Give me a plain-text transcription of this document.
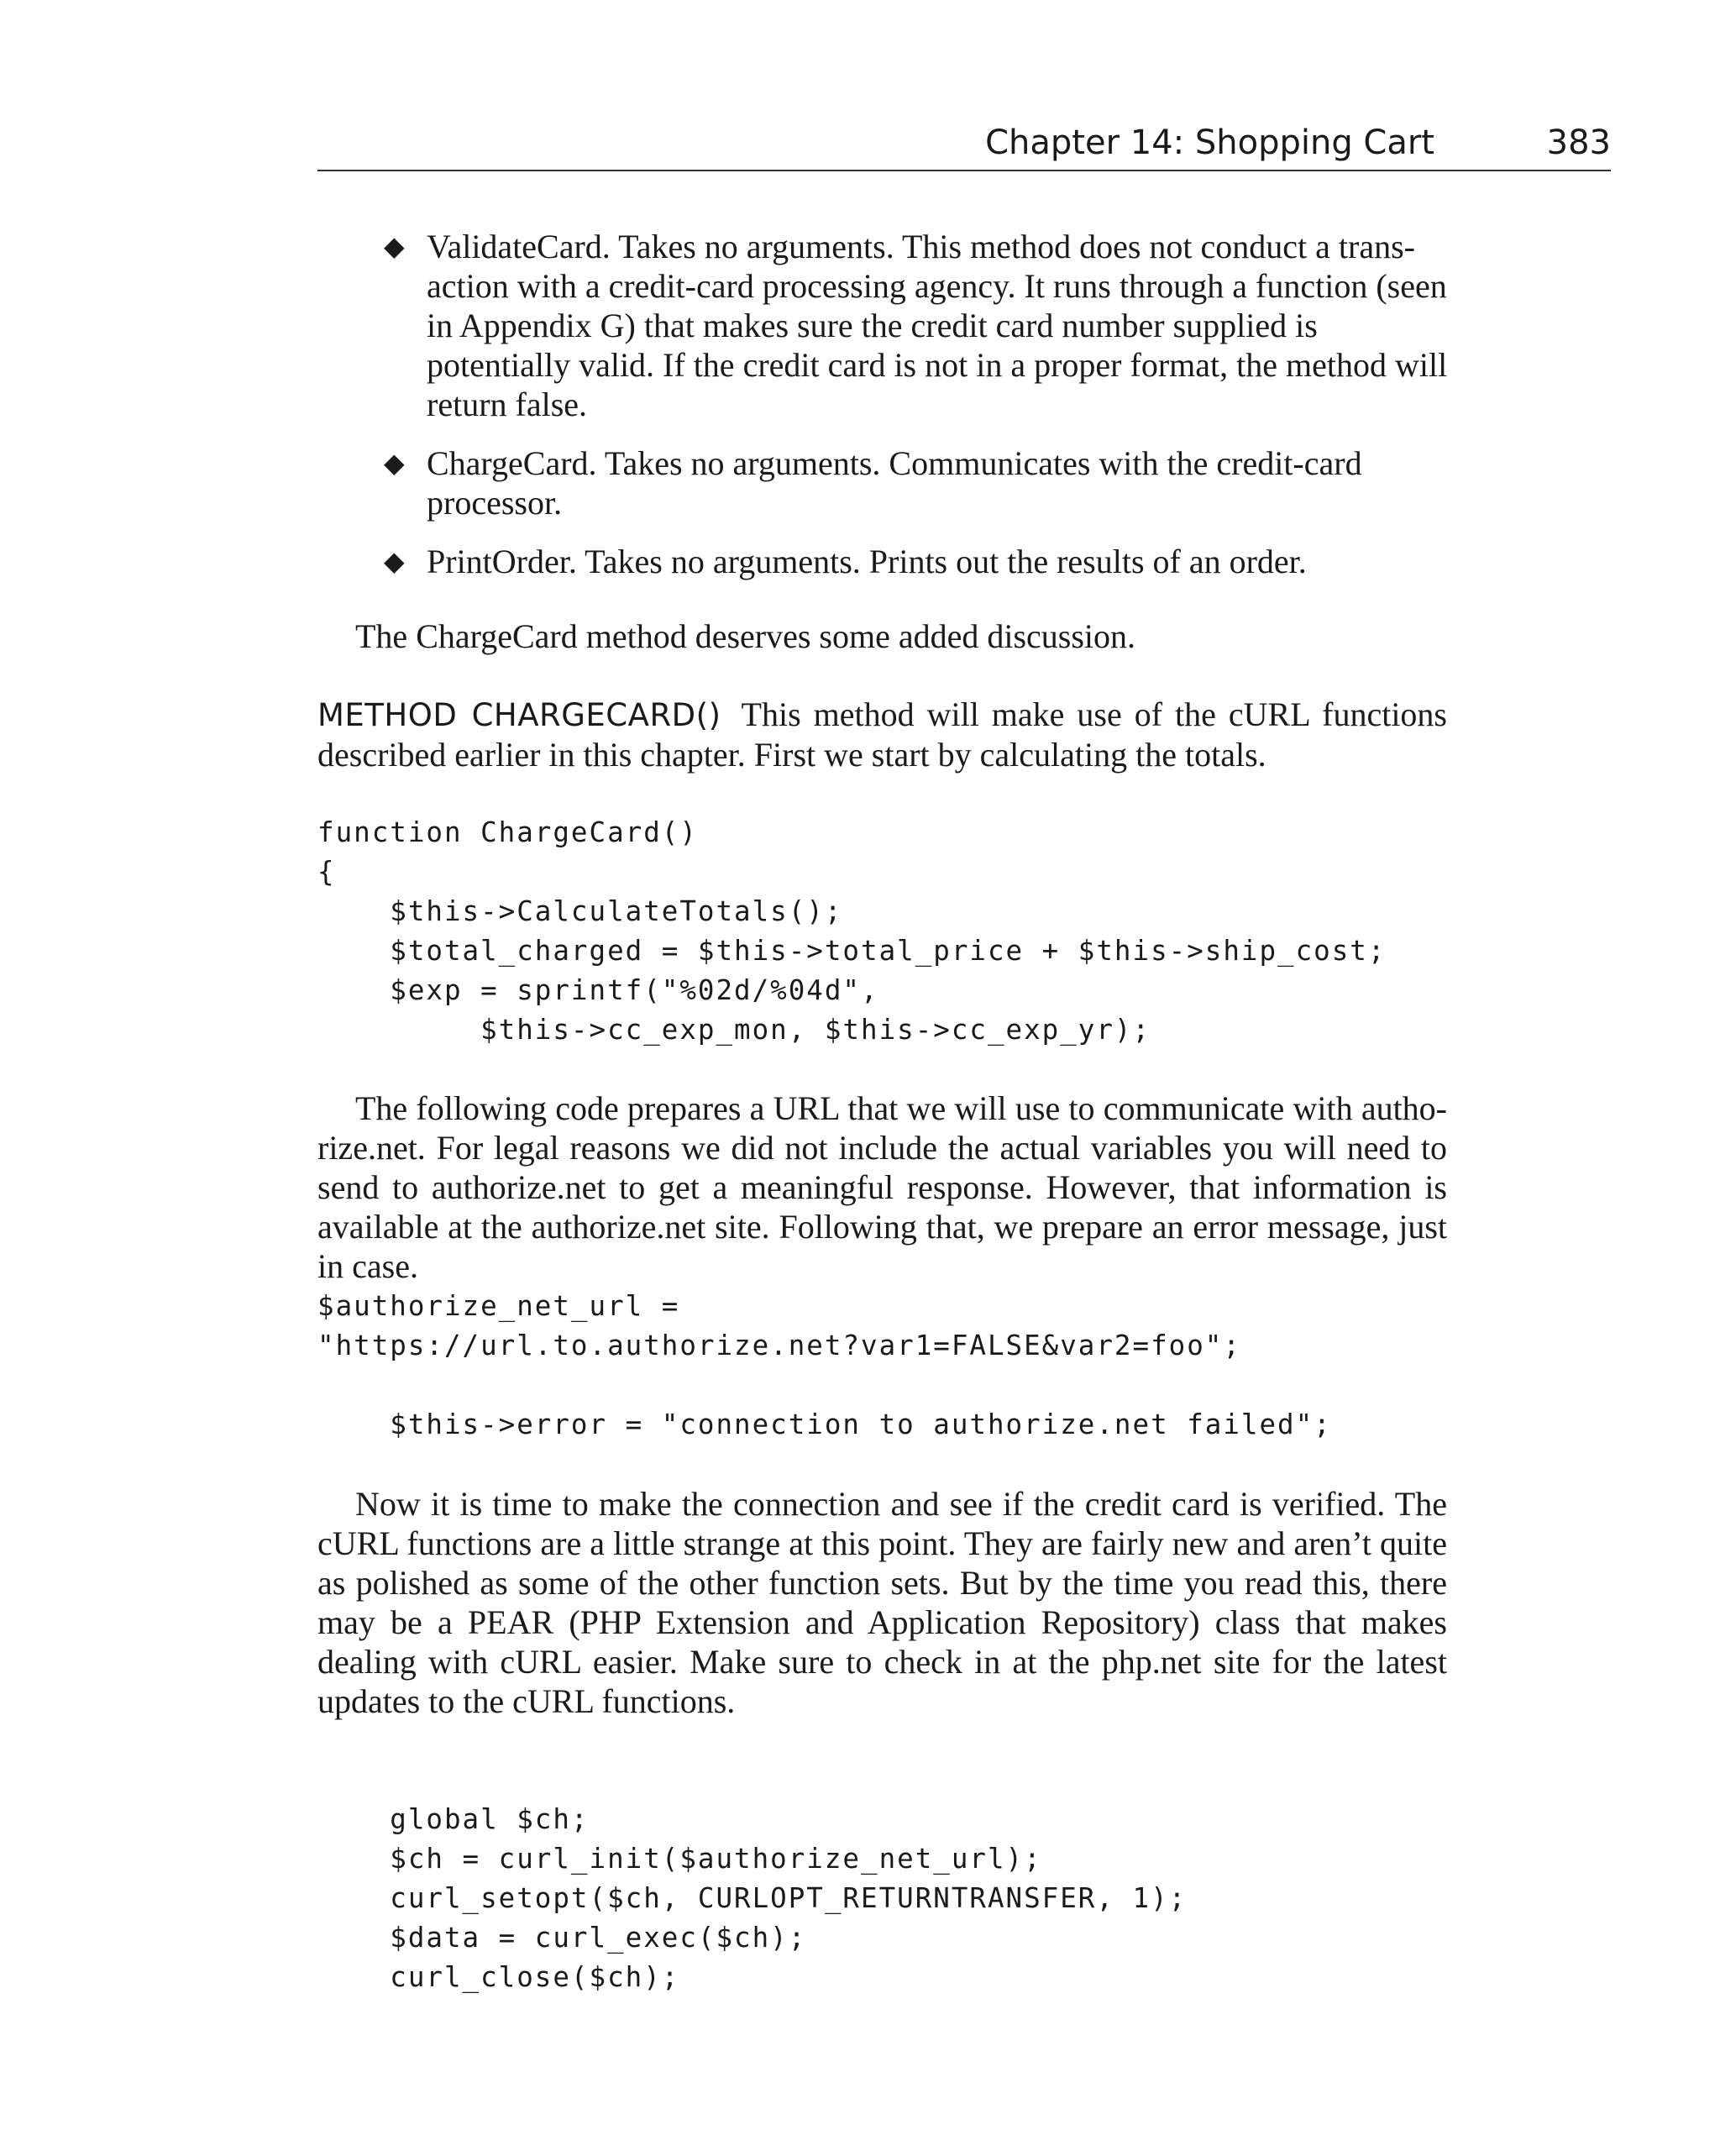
Chapter 14: Shopping Cart	383
◆ ValidateCard. Takes no arguments. This method does not conduct a trans-action with a credit-card processing agency. It runs through a function (seen in Appendix G) that makes sure the credit card number supplied is potentially valid. If the credit card is not in a proper format, the method will return false.
◆ ChargeCard. Takes no arguments. Communicates with the credit-card processor.
◆ PrintOrder. Takes no arguments. Prints out the results of an order.

The ChargeCard method deserves some added discussion.

METHOD CHARGECARD() This method will make use of the cURL functions described earlier in this chapter. First we start by calculating the totals.

function ChargeCard()
{
$this->CalculateTotals();
$total_charged = $this->total_price + $this->ship_cost;
$exp = sprintf("%02d/%04d",
$this->cc_exp_mon, $this->cc_exp_yr);

The following code prepares a URL that we will use to communicate with autho-rize.net. For legal reasons we did not include the actual variables you will need to send to authorize.net to get a meaningful response. However, that information is available at the authorize.net site. Following that, we prepare an error message, just in case.

$authorize_net_url =
"https://url.to.authorize.net?var1=FALSE&var2=foo";

$this->error = "connection to authorize.net failed";

Now it is time to make the connection and see if the credit card is verified. The cURL functions are a little strange at this point. They are fairly new and aren’t quite as polished as some of the other function sets. But by the time you read this, there may be a PEAR (PHP Extension and Application Repository) class that makes dealing with cURL easier. Make sure to check in at the php.net site for the latest updates to the cURL functions.

global $ch;
$ch = curl_init($authorize_net_url);
curl_setopt($ch, CURLOPT_RETURNTRANSFER, 1);
$data = curl_exec($ch);
curl_close($ch);
